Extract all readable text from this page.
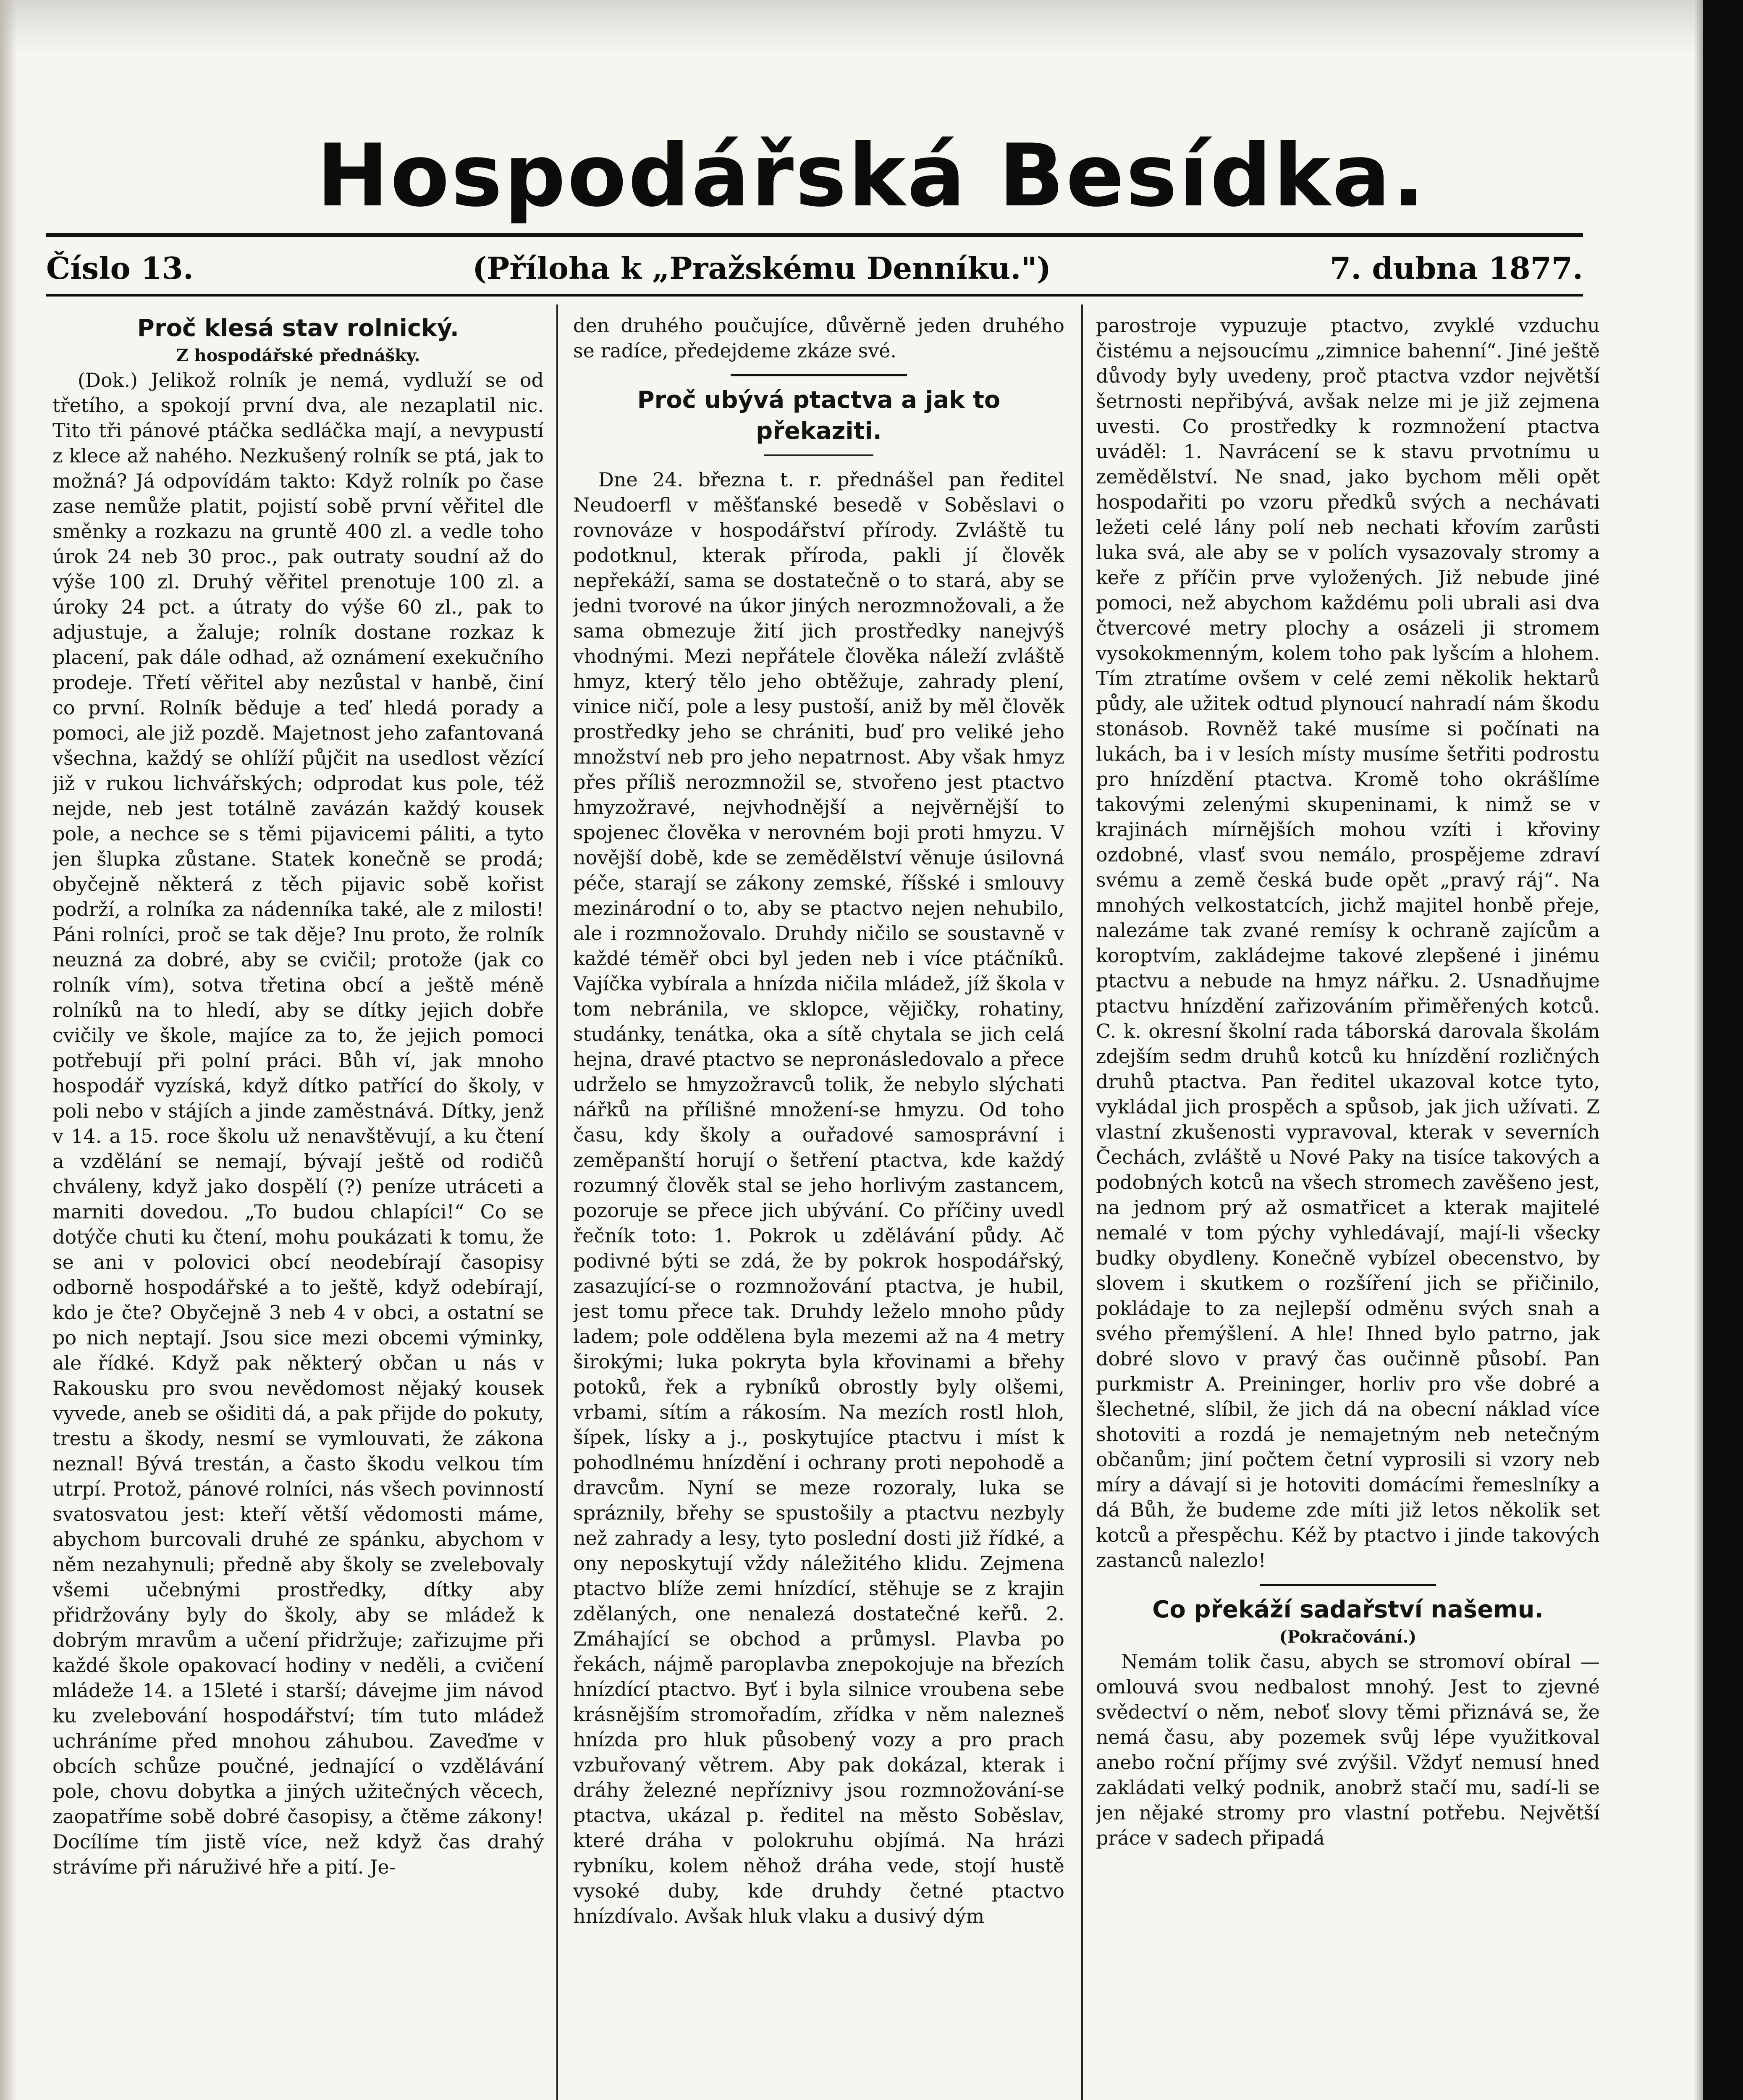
Hospodářská Besídka.
Číslo 13.	(Příloha k „Pražskému Denníku.")	7. dubna 1877.
Proč klesá stav rolnický.
Z hospodářské přednášky.

(Dok.) Jelikož rolník je nemá, vydluží se od třetího, a spokojí první dva, ale nezaplatil nic. Tito tři pánové ptáčka sedláčka mají, a nevypustí z klece až nahého. Nezkušený rolník se ptá, jak to možná? Já odpovídám takto: Když rolník po čase zase nemůže platit, pojistí sobě první věřitel dle směnky a rozkazu na gruntě 400 zl. a vedle toho úrok 24 neb 30 proc., pak outraty soudní až do výše 100 zl. Druhý věřitel prenotuje 100 zl. a úroky 24 pct. a útraty do výše 60 zl., pak to adjustuje, a žaluje; rolník dostane rozkaz k placení, pak dále odhad, až oznámení exekučního prodeje. Třetí věřitel aby nezůstal v hanbě, činí co první. Rolník běduje a teď hledá porady a pomoci, ale již pozdě. Majetnost jeho zafantovaná všechna, každý se ohlíží půjčit na usedlost vězící již v rukou lichvářských; odprodat kus pole, též nejde, neb jest totálně zavázán každý kousek pole, a nechce se s těmi pijavicemi páliti, a tyto jen šlupka zůstane. Statek konečně se prodá; obyčejně některá z těch pijavic sobě kořist podrží, a rolníka za nádenníka také, ale z milosti! Páni rolníci, proč se tak děje? Inu proto, že rolník neuzná za dobré, aby se cvičil; protože (jak co rolník vím), sotva třetina obcí a ještě méně rolníků na to hledí, aby se dítky jejich dobře cvičily ve škole, majíce za to, že jejich pomoci potřebují při polní práci. Bůh ví, jak mnoho hospodář vyzíská, když dítko patřící do školy, v poli nebo v stájích a jinde zaměstnává. Dítky, jenž v 14. a 15. roce školu už nenavštěvují, a ku čtení a vzdělání se nemají, bývají ještě od rodičů chváleny, když jako dospělí (?) peníze utráceti a marniti dovedou. „To budou chlapíci!“ Co se dotýče chuti ku čtení, mohu poukázati k tomu, že se ani v polovici obcí neodebírají časopisy odborně hospodářské a to ještě, když odebírají, kdo je čte? Obyčejně 3 neb 4 v obci, a ostatní se po nich neptají. Jsou sice mezi obcemi výminky, ale řídké. Když pak některý občan u nás v Rakousku pro svou nevědomost nějaký kousek vyvede, aneb se ošiditi dá, a pak přijde do pokuty, trestu a škody, nesmí se vymlouvati, že zákona neznal! Bývá trestán, a často škodu velkou tím utrpí. Protož, pánové rolníci, nás všech povinností svatosvatou jest: kteří větší vědomosti máme, abychom burcovali druhé ze spánku, abychom v něm nezahynuli; předně aby školy se zvelebovaly všemi učebnými prostředky, dítky aby přidržovány byly do školy, aby se mládež k dobrým mravům a učení přidržuje; zařizujme při každé škole opakovací hodiny v neděli, a cvičení mládeže 14. a 15leté i starší; dávejme jim návod ku zvelebování hospodářství; tím tuto mládež uchráníme před mnohou záhubou. Zaveďme v obcích schůze poučné, jednající o vzdělávání pole, chovu dobytka a jiných užitečných věcech, zaopatříme sobě dobré časopisy, a čtěme zákony! Docílíme tím jistě více, než když čas drahý strávíme při náruživé hře a pití. Je-

den druhého poučujíce, důvěrně jeden druhého se radíce, předejdeme zkáze své.

Proč ubývá ptactva a jak to překaziti.

Dne 24. března t. r. přednášel pan ředitel Neudoerfl v měšťanské besedě v Soběslavi o rovnováze v hospodářství přírody. Zvláště tu podotknul, kterak příroda, pakli jí člověk nepřekáží, sama se dostatečně o to stará, aby se jedni tvorové na úkor jiných nerozmnožovali, a že sama obmezuje žití jich prostředky nanejvýš vhodnými. Mezi nepřátele člověka náleží zvláště hmyz, který tělo jeho obtěžuje, zahrady plení, vinice ničí, pole a lesy pustoší, aniž by měl člověk prostředky jeho se chrániti, buď pro veliké jeho množství neb pro jeho nepatrnost. Aby však hmyz přes příliš nerozmnožil se, stvořeno jest ptactvo hmyzožravé, nejvhodnější a nejvěrnější to spojenec člověka v nerovném boji proti hmyzu. V novější době, kde se zemědělství věnuje úsilovná péče, starají se zákony zemské, říšské i smlouvy mezinárodní o to, aby se ptactvo nejen nehubilo, ale i rozmnožovalo. Druhdy ničilo se soustavně v každé téměř obci byl jeden neb i více ptáčníků. Vajíčka vybírala a hnízda ničila mládež, jíž škola v tom nebránila, ve sklopce, vějičky, rohatiny, studánky, tenátka, oka a sítě chytala se jich celá hejna, dravé ptactvo se nepronásledovalo a přece udrželo se hmyzožravců tolik, že nebylo slýchati nářků na přílišné množení-se hmyzu. Od toho času, kdy školy a ouřadové samosprávní i zeměpanští horují o šetření ptactva, kde každý rozumný člověk stal se jeho horlivým zastancem, pozoruje se přece jich ubývání. Co příčiny uvedl řečník toto: 1. Pokrok u zdělávání půdy. Ač podivné býti se zdá, že by pokrok hospodářský, zasazující-se o rozmnožování ptactva, je hubil, jest tomu přece tak. Druhdy leželo mnoho půdy ladem; pole oddělena byla mezemi až na 4 metry širokými; luka pokryta byla křovinami a břehy potoků, řek a rybníků obrostly byly olšemi, vrbami, sítím a rákosím. Na mezích rostl hloh, šípek, lísky a j., poskytujíce ptactvu i míst k pohodlnému hnízdění i ochrany proti nepohodě a dravcům. Nyní se meze rozoraly, luka se spráznily, břehy se spustošily a ptactvu nezbyly než zahrady a lesy, tyto poslední dosti již řídké, a ony neposkytují vždy náležitého klidu. Zejmena ptactvo blíže zemi hnízdící, stěhuje se z krajin zdělaných, one nenalezá dostatečné keřů. 2. Zmáhající se obchod a průmysl. Plavba po řekách, nájmě paroplavba znepokojuje na březích hnízdící ptactvo. Byť i byla silnice vroubena sebe krásnějším stromořadím, zřídka v něm nalezneš hnízda pro hluk působený vozy a pro prach vzbuřovaný větrem. Aby pak dokázal, kterak i dráhy železné nepříznivy jsou rozmnožování-se ptactva, ukázal p. ředitel na město Soběslav, které dráha v polokruhu objímá. Na hrázi rybníku, kolem něhož dráha vede, stojí hustě vysoké duby, kde druhdy četné ptactvo hnízdívalo. Avšak hluk vlaku a dusivý dým

parostroje vypuzuje ptactvo, zvyklé vzduchu čistému a nejsoucímu „zimnice bahenní“. Jiné ještě důvody byly uvedeny, proč ptactva vzdor největší šetrnosti nepřibývá, avšak nelze mi je již zejmena uvesti. Co prostředky k rozmnožení ptactva uváděl: 1. Navrácení se k stavu prvotnímu u zemědělství. Ne snad, jako bychom měli opět hospodařiti po vzoru předků svých a nechávati ležeti celé lány polí neb nechati křovím zarůsti luka svá, ale aby se v polích vysazovaly stromy a keře z příčin prve vyložených. Již nebude jiné pomoci, než abychom každému poli ubrali asi dva čtvercové metry plochy a osázeli ji stromem vysokokmenným, kolem toho pak lyšcím a hlohem. Tím ztratíme ovšem v celé zemi několik hektarů půdy, ale užitek odtud plynoucí nahradí nám škodu stonásob. Rovněž také musíme si počínati na lukách, ba i v lesích místy musíme šetřiti podrostu pro hnízdění ptactva. Kromě toho okrášlíme takovými zelenými skupeninami, k nimž se v krajinách mírnějších mohou vzíti i křoviny ozdobné, vlasť svou nemálo, prospějeme zdraví svému a země česká bude opět „pravý ráj“. Na mnohých velkostatcích, jichž majitel honbě přeje, nalezáme tak zvané remísy k ochraně zajícům a koroptvím, zakládejme takové zlepšené i jinému ptactvu a nebude na hmyz nářku. 2. Usnadňujme ptactvu hnízdění zařizováním přiměřených kotců. C. k. okresní školní rada táborská darovala školám zdejším sedm druhů kotců ku hnízdění rozličných druhů ptactva. Pan ředitel ukazoval kotce tyto, vykládal jich prospěch a spůsob, jak jich užívati. Z vlastní zkušenosti vypravoval, kterak v severních Čechách, zvláště u Nové Paky na tisíce takových a podobných kotců na všech stromech zavěšeno jest, na jednom prý až osmatřicet a kterak majitelé nemalé v tom pýchy vyhledávají, mají-li všecky budky obydleny. Konečně vybízel obecenstvo, by slovem i skutkem o rozšíření jich se přičinilo, pokládaje to za nejlepší odměnu svých snah a svého přemýšlení. A hle! Ihned bylo patrno, jak dobré slovo v pravý čas oučinně působí. Pan purkmistr A. Preininger, horliv pro vše dobré a šlechetné, slíbil, že jich dá na obecní náklad více shotoviti a rozdá je nemajetným neb netečným občanům; jiní počtem četní vyprosili si vzory neb míry a dávají si je hotoviti domácími řemeslníky a dá Bůh, že budeme zde míti již letos několik set kotců a přespěchu. Kéž by ptactvo i jinde takových zastanců nalezlo!

Co překáží sadařství našemu.
(Pokračování.)

Nemám tolik času, abych se stromoví obíral — omlouvá svou nedbalost mnohý. Jest to zjevné svědectví o něm, neboť slovy těmi přiznává se, že nemá času, aby pozemek svůj lépe využitkoval anebo roční příjmy své zvýšil. Vždyť nemusí hned zakládati velký podnik, anobrž stačí mu, sadí-li se jen nějaké stromy pro vlastní potřebu. Největší práce v sadech připadá
